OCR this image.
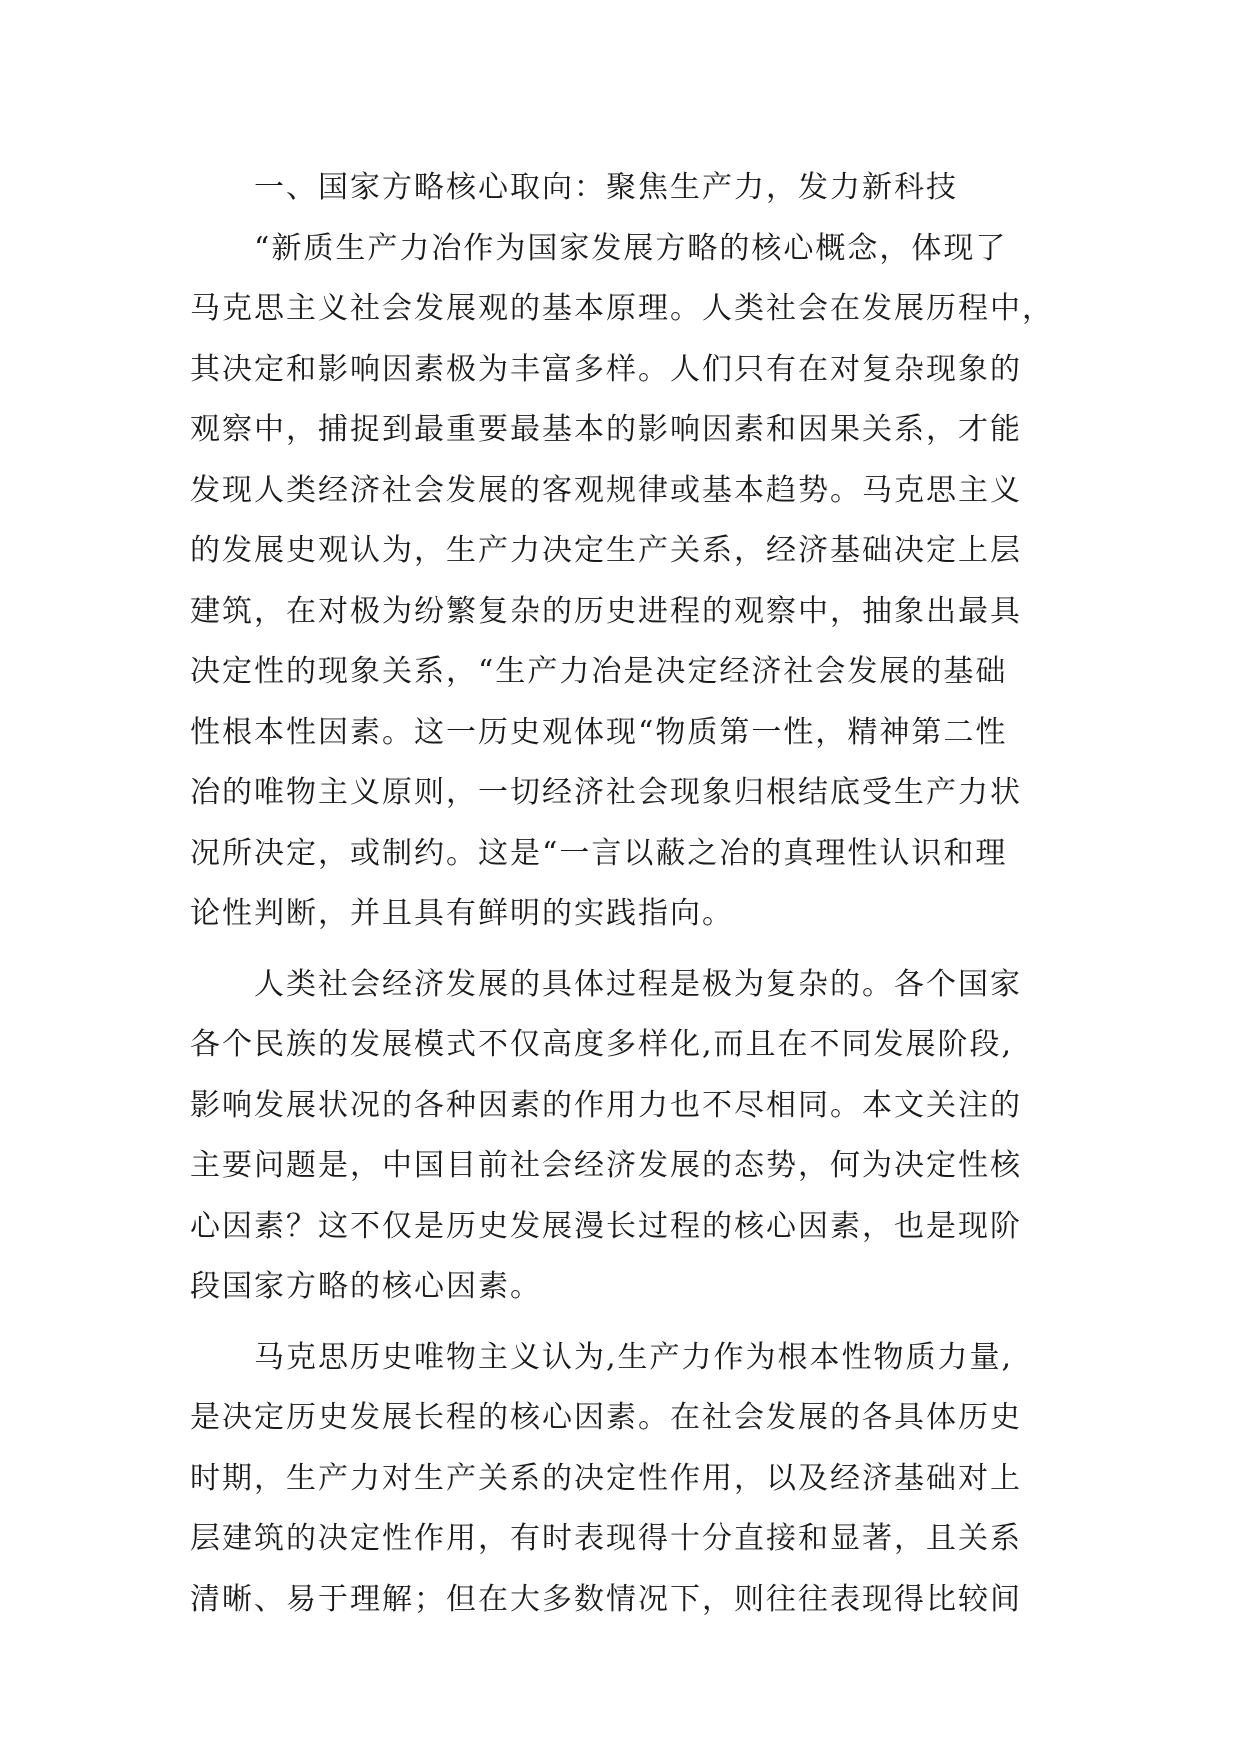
一、国家方略核心取向：聚焦生产力，发力新科技
“新质生产力冶作为国家发展方略的核心概念，体现了
马克思主义社会发展观的基本原理。人类社会在发展历程中，
其决定和影响因素极为丰富多样。人们只有在对复杂现象的
观察中，捕捉到最重要最基本的影响因素和因果关系，才能
发现人类经济社会发展的客观规律或基本趋势。马克思主义
的发展史观认为，生产力决定生产关系，经济基础决定上层
建筑，在对极为纷繁复杂的历史进程的观察中，抽象出最具
决定性的现象关系，“生产力冶是决定经济社会发展的基础
性根本性因素。这一历史观体现“物质第一性，精神第二性
冶的唯物主义原则，一切经济社会现象归根结底受生产力状
况所决定，或制约。这是“一言以蔽之冶的真理性认识和理
论性判断，并且具有鲜明的实践指向。
人类社会经济发展的具体过程是极为复杂的。各个国家
各个民族的发展模式不仅高度多样化,而且在不同发展阶段,
影响发展状况的各种因素的作用力也不尽相同。本文关注的
主要问题是，中国目前社会经济发展的态势，何为决定性核
心因素？这不仅是历史发展漫长过程的核心因素，也是现阶
段国家方略的核心因素。
马克思历史唯物主义认为,生产力作为根本性物质力量,
是决定历史发展长程的核心因素。在社会发展的各具体历史
时期，生产力对生产关系的决定性作用，以及经济基础对上
层建筑的决定性作用，有时表现得十分直接和显著，且关系
清晰、易于理解；但在大多数情况下，则往往表现得比较间
